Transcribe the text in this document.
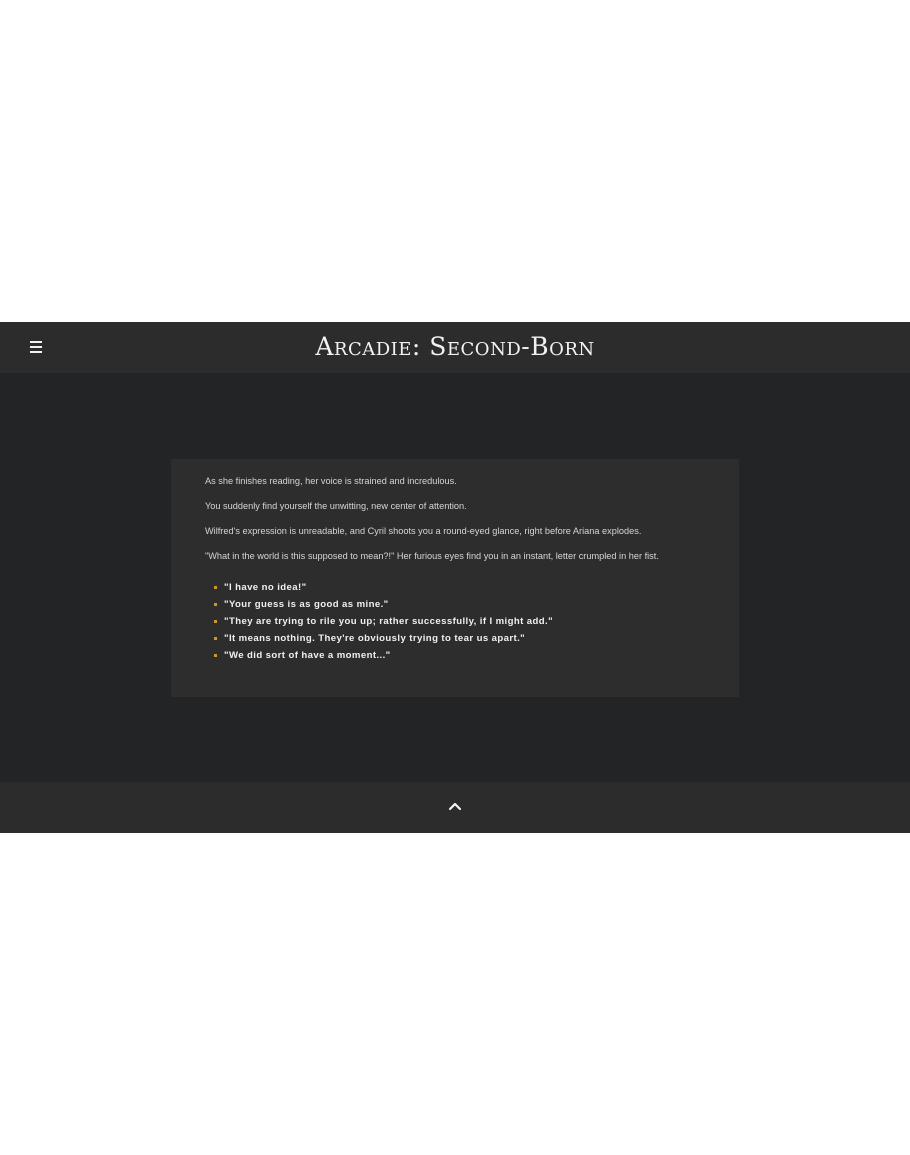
Arcadie: Second-Born

As she finishes reading, her voice is strained and incredulous.

You suddenly find yourself the unwitting, new center of attention.

Wilfred's expression is unreadable, and Cyril shoots you a round-eyed glance, right before Ariana explodes.

"What in the world is this supposed to mean?!" Her furious eyes find you in an instant, letter crumpled in her fist.

"I have no idea!"
"Your guess is as good as mine."
"They are trying to rile you up; rather successfully, if I might add."
"It means nothing. They're obviously trying to tear us apart."
"We did sort of have a moment..."
